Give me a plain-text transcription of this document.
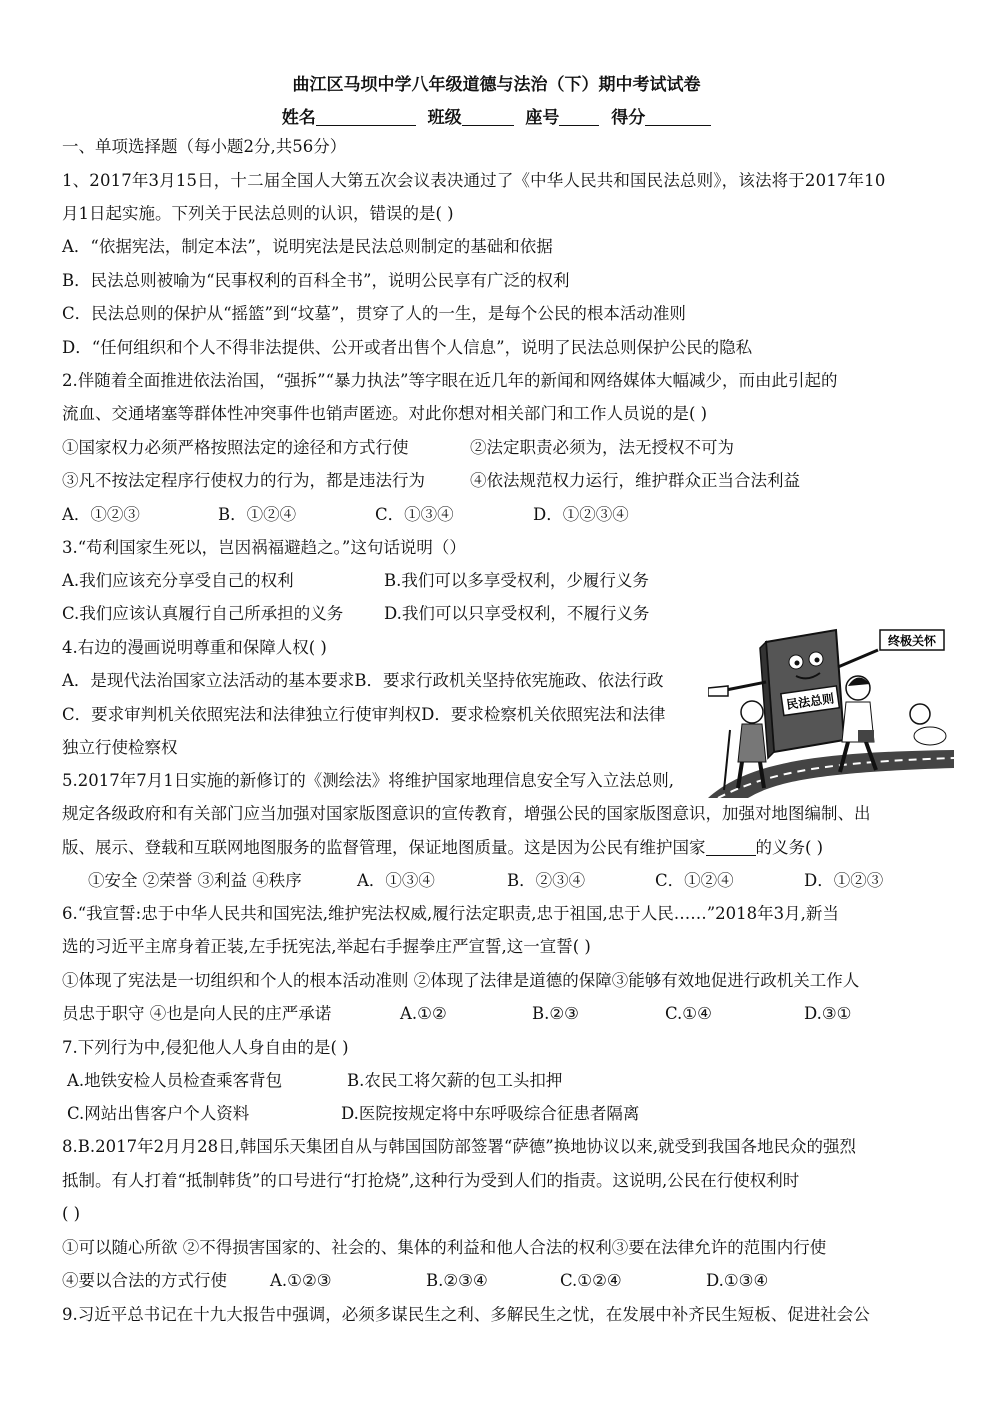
曲江区马坝中学八年级道德与法治（下）期中考试试卷
姓名	班级	座号	得分
一、单项选择题（每小题2分,共56分）
1、2017年3月15日，十二届全国人大第五次会议表决通过了《中华人民共和国民法总则》，该法将于2017年10
月1日起实施。下列关于民法总则的认识，错误的是( )
A．“依据宪法，制定本法”，说明宪法是民法总则制定的基础和依据
B．民法总则被喻为“民事权利的百科全书”，说明公民享有广泛的权利
C．民法总则的保护从“摇篮”到“坟墓”，贯穿了人的一生，是每个公民的根本活动准则
D．“任何组织和个人不得非法提供、公开或者出售个人信息”，说明了民法总则保护公民的隐私
2.伴随着全面推进依法治国，“强拆”“暴力执法”等字眼在近几年的新闻和网络媒体大幅减少，而由此引起的
流血、交通堵塞等群体性冲突事件也销声匿迹。对此你想对相关部门和工作人员说的是( )
①国家权力必须严格按照法定的途径和方式行使	②法定职责必须为，法无授权不可为
③凡不按法定程序行使权力的行为，都是违法行为	④依法规范权力运行，维护群众正当合法利益
A．①②③	B．①②④	C．①③④	D．①②③④
3.“苟利国家生死以，岂因祸福避趋之。”这句话说明（）
A.我们应该充分享受自己的权利	B.我们可以多享受权利，少履行义务
C.我们应该认真履行自己所承担的义务 D.我们可以只享受权利，不履行义务
4.右边的漫画说明尊重和保障人权( )
A．是现代法治国家立法活动的基本要求B．要求行政机关坚持依宪施政、依法行政
C．要求审判机关依照宪法和法律独立行使审判权D．要求检察机关依照宪法和法律
独立行使检察权
民法总则
终极关怀
5.2017年7月1日实施的新修订的《测绘法》将维护国家地理信息安全写入立法总则,
规定各级政府和有关部门应当加强对国家版图意识的宣传教育，增强公民的国家版图意识，加强对地图编制、出
版、展示、登载和互联网地图服务的监督管理，保证地图质量。这是因为公民有维护国家	的义务( )
①安全 ②荣誉 ③利益 ④秩序	A．①③④	B．②③④	C．①②④	D．①②③
6.“我宣誓:忠于中华人民共和国宪法,维护宪法权威,履行法定职责,忠于祖国,忠于人民……”2018年3月,新当
选的习近平主席身着正装,左手抚宪法,举起右手握拳庄严宣誓,这一宣誓( )
①体现了宪法是一切组织和个人的根本活动准则 ②体现了法律是道德的保障③能够有效地促进行政机关工作人
员忠于职守 ④也是向人民的庄严承诺	A.①②	B.②③	C.①④	D.③①
7.下列行为中,侵犯他人人身自由的是( )
A.地铁安检人员检查乘客背包	B.农民工将欠薪的包工头扣押
C.网站出售客户个人资料	D.医院按规定将中东呼吸综合征患者隔离
8.B.2017年2月月28日,韩国乐天集团自从与韩国国防部签署“萨德”换地协议以来,就受到我国各地民众的强烈
抵制。有人打着“抵制韩货”的口号进行“打抢烧”,这种行为受到人们的指责。这说明,公民在行使权利时
( )
①可以随心所欲 ②不得损害国家的、社会的、集体的利益和他人合法的权利③要在法律允许的范围内行使
④要以合法的方式行使	A.①②③	B.②③④	C.①②④	D.①③④
9.习近平总书记在十九大报告中强调，必须多谋民生之利、多解民生之忧，在发展中补齐民生短板、促进社会公
